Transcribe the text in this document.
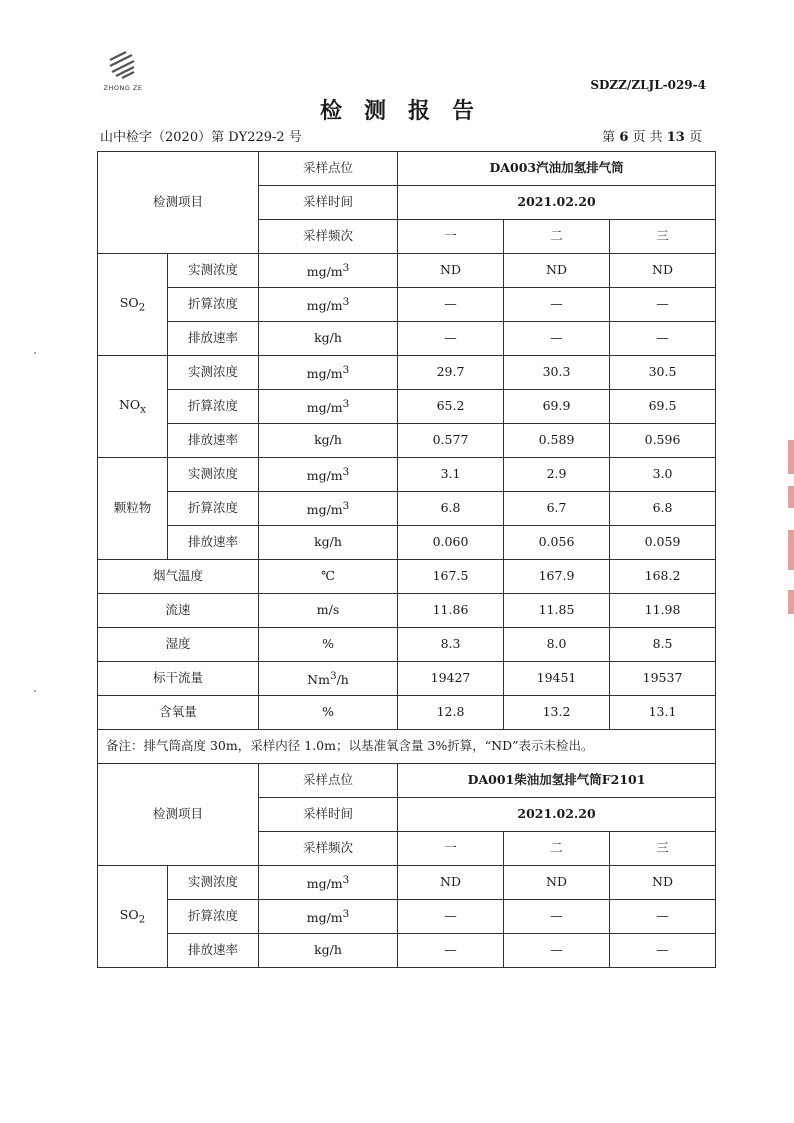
ZHONG ZE	SDZZ/ZLJL-029-4
检测报告
山中检字（2020）第 DY229-2 号	第 6 页 共 13 页
检测项目		采样点位	DA003汽油加氢排气筒		
		采样时间	2021.02.20		
		采样频次	一	二	三
$SO_2$	实测浓度	$mg/m^3$	ND	ND	ND
	折算浓度	$mg/m^3$	—	—	—
	排放速率	kg/h	—	—	—
$NO_x$	实测浓度	$mg/m^3$	29.7	30.3	30.5
	折算浓度	$mg/m^3$	65.2	69.9	69.5
	排放速率	kg/h	0.577	0.589	0.596
颗粒物	实测浓度	$mg/m^3$	3.1	2.9	3.0
	折算浓度	$mg/m^3$	6.8	6.7	6.8
	排放速率	kg/h	0.060	0.056	0.059
烟气温度		℃	167.5	167.9	168.2
流速		m/s	11.86	11.85	11.98
湿度		%	8.3	8.0	8.5
标干流量		Nm$^3$/h	19427	19451	19537
含氧量		%	12.8	13.2	13.1
备注：排气筒高度 30m，采样内径 1.0m；以基准氧含量 3%折算，“ND”表示未检出。					
检测项目		采样点位	DA001柴油加氢排气筒F2101		
		采样时间	2021.02.20		
		采样频次	一	二	三
$SO_2$	实测浓度	$mg/m^3$	ND	ND	ND
	折算浓度	$mg/m^3$	—	—	—
	排放速率	kg/h	—	—	—
